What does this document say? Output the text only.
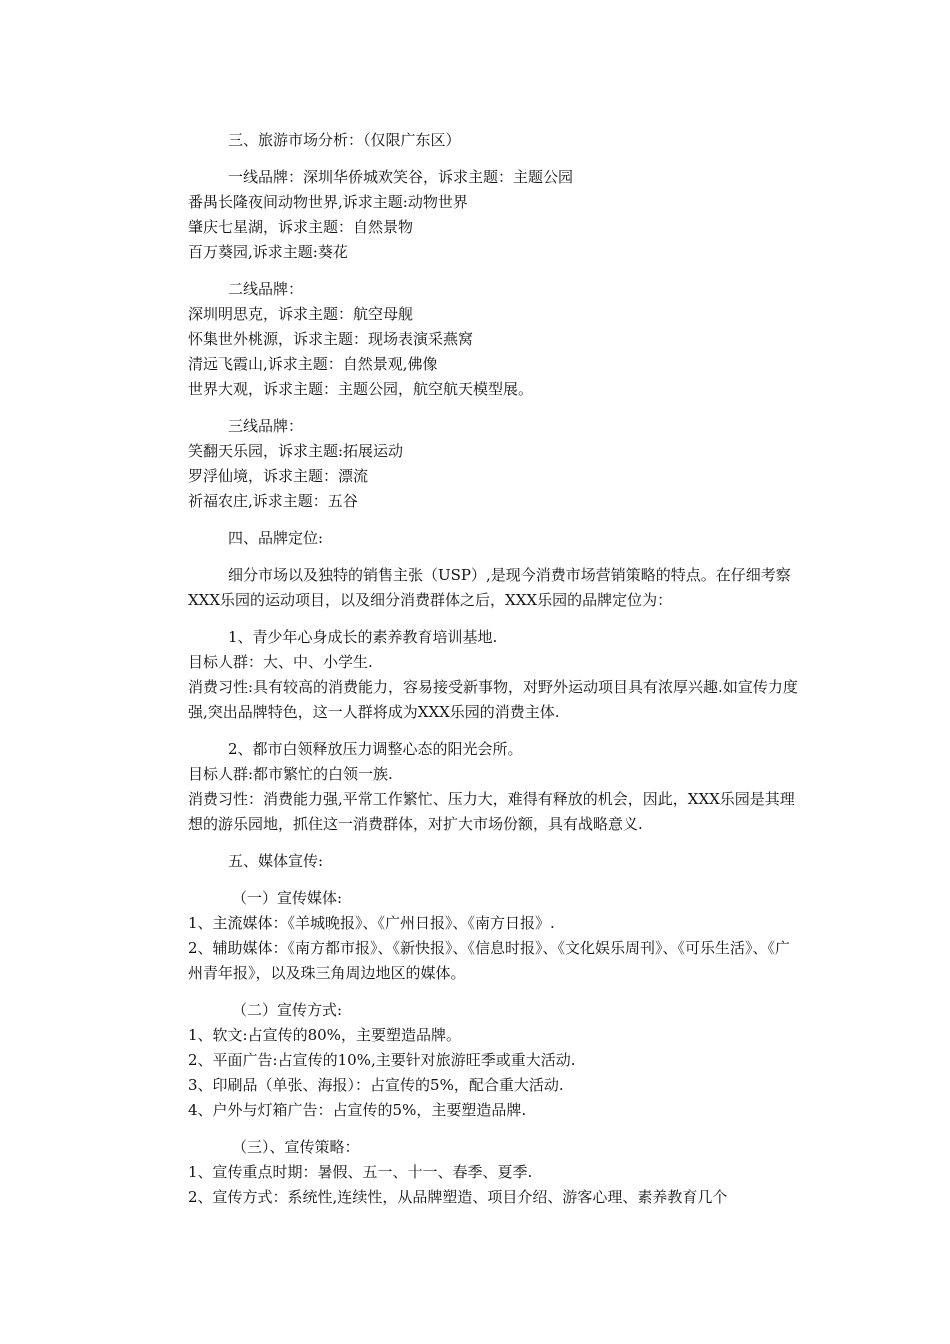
三、旅游市场分析：（仅限广东区）
一线品牌：深圳华侨城欢笑谷，诉求主题：主题公园
番禺长隆夜间动物世界,诉求主题:动物世界
肇庆七星湖，诉求主题：自然景物
百万葵园,诉求主题:葵花
二线品牌：
深圳明思克，诉求主题：航空母舰
怀集世外桃源，诉求主题：现场表演采燕窝
清远飞霞山,诉求主题：自然景观,佛像
世界大观，诉求主题：主题公园，航空航天模型展。
三线品牌：
笑翻天乐园，诉求主题:拓展运动
罗浮仙境，诉求主题：漂流
祈福农庄,诉求主题：五谷
四、品牌定位:
细分市场以及独特的销售主张（USP）,是现今消费市场营销策略的特点。在仔细考察XXX乐园的运动项目，以及细分消费群体之后，XXX乐园的品牌定位为：
1、青少年心身成长的素养教育培训基地.
目标人群：大、中、小学生.
消费习性:具有较高的消费能力，容易接受新事物，对野外运动项目具有浓厚兴趣.如宣传力度强,突出品牌特色，这一人群将成为XXX乐园的消费主体.
2、都市白领释放压力调整心态的阳光会所。
目标人群:都市繁忙的白领一族.
消费习性：消费能力强,平常工作繁忙、压力大，难得有释放的机会，因此，XXX乐园是其理想的游乐园地，抓住这一消费群体，对扩大市场份额，具有战略意义.
五、媒体宣传:
（一）宣传媒体:
1、主流媒体：《羊城晚报》、《广州日报》、《南方日报》.
2、辅助媒体：《南方都市报》、《新快报》、《信息时报》、《文化娱乐周刊》、《可乐生活》、《广州青年报》，以及珠三角周边地区的媒体。
（二）宣传方式:
1、软文:占宣传的80%，主要塑造品牌。
2、平面广告:占宣传的10%,主要针对旅游旺季或重大活动.
3、印刷品（单张、海报）：占宣传的5%，配合重大活动.
4、户外与灯箱广告：占宣传的5%，主要塑造品牌.
（三）、宣传策略：
1、宣传重点时期：暑假、五一、十一、春季、夏季.
2、宣传方式：系统性,连续性，从品牌塑造、项目介绍、游客心理、素养教育几个
